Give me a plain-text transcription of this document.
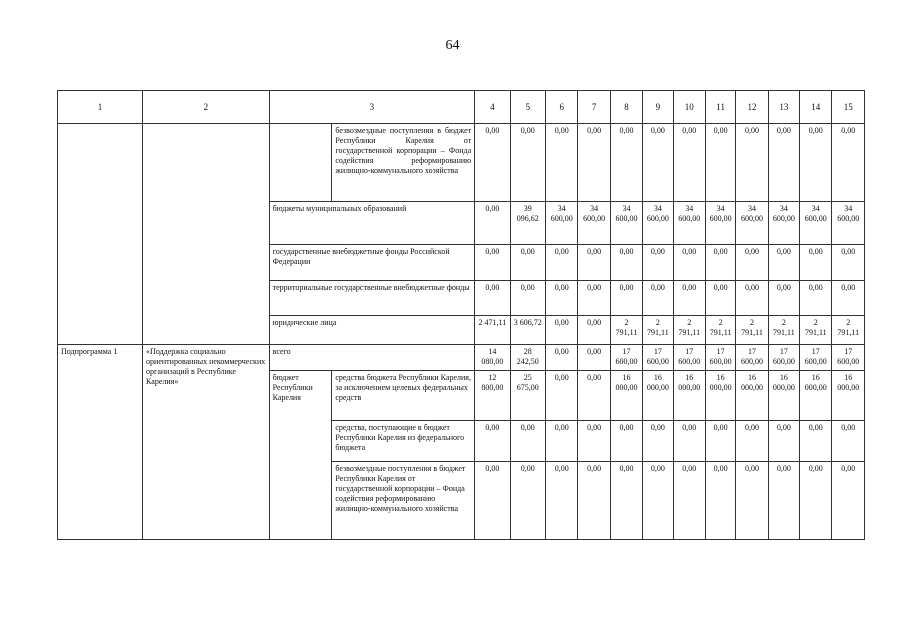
64
1	2	3		4	5	6	7	8	9	10	11	12	13	14	15
			безвозмездные поступления в бюджет Республики Карелия от государственной корпорации – Фонда содействия реформированию жилищно-коммунального хозяйства	0,00	0,00	0,00	0,00	0,00	0,00	0,00	0,00	0,00	0,00	0,00	0,00
		бюджеты муниципальных образований		0,00	39 096,62	34 600,00	34 600,00	34 600,00	34 600,00	34 600,00	34 600,00	34 600,00	34 600,00	34 600,00	34 600,00
		государственные внебюджетные фонды Российской Федерации		0,00	0,00	0,00	0,00	0,00	0,00	0,00	0,00	0,00	0,00	0,00	0,00
		территориальные государственные внебюджетные фонды		0,00	0,00	0,00	0,00	0,00	0,00	0,00	0,00	0,00	0,00	0,00	0,00
		юридические лица		2 471,11	3 606,72	0,00	0,00	2 791,11	2 791,11	2 791,11	2 791,11	2 791,11	2 791,11	2 791,11	2 791,11
Подпрограмма 1	«Поддержка социально ориентированных некоммерческих организаций в Республике Карелия»	всего		14 080,00	28 242,50	0,00	0,00	17 600,00	17 600,00	17 600,00	17 600,00	17 600,00	17 600,00	17 600,00	17 600,00
		бюджет Республики Карелия	средства бюджета Республики Карелия, за исключением целевых федеральных средств	12 800,00	25 675,00	0,00	0,00	16 000,00	16 000,00	16 000,00	16 000,00	16 000,00	16 000,00	16 000,00	16 000,00
			средства, поступающие в бюджет Республики Карелия из федерального бюджета	0,00	0,00	0,00	0,00	0,00	0,00	0,00	0,00	0,00	0,00	0,00	0,00
			безвозмездные поступления в бюджет Республики Карелия от государственной корпорации – Фонда содействия реформированию жилищно-коммунального хозяйства	0,00	0,00	0,00	0,00	0,00	0,00	0,00	0,00	0,00	0,00	0,00	0,00
